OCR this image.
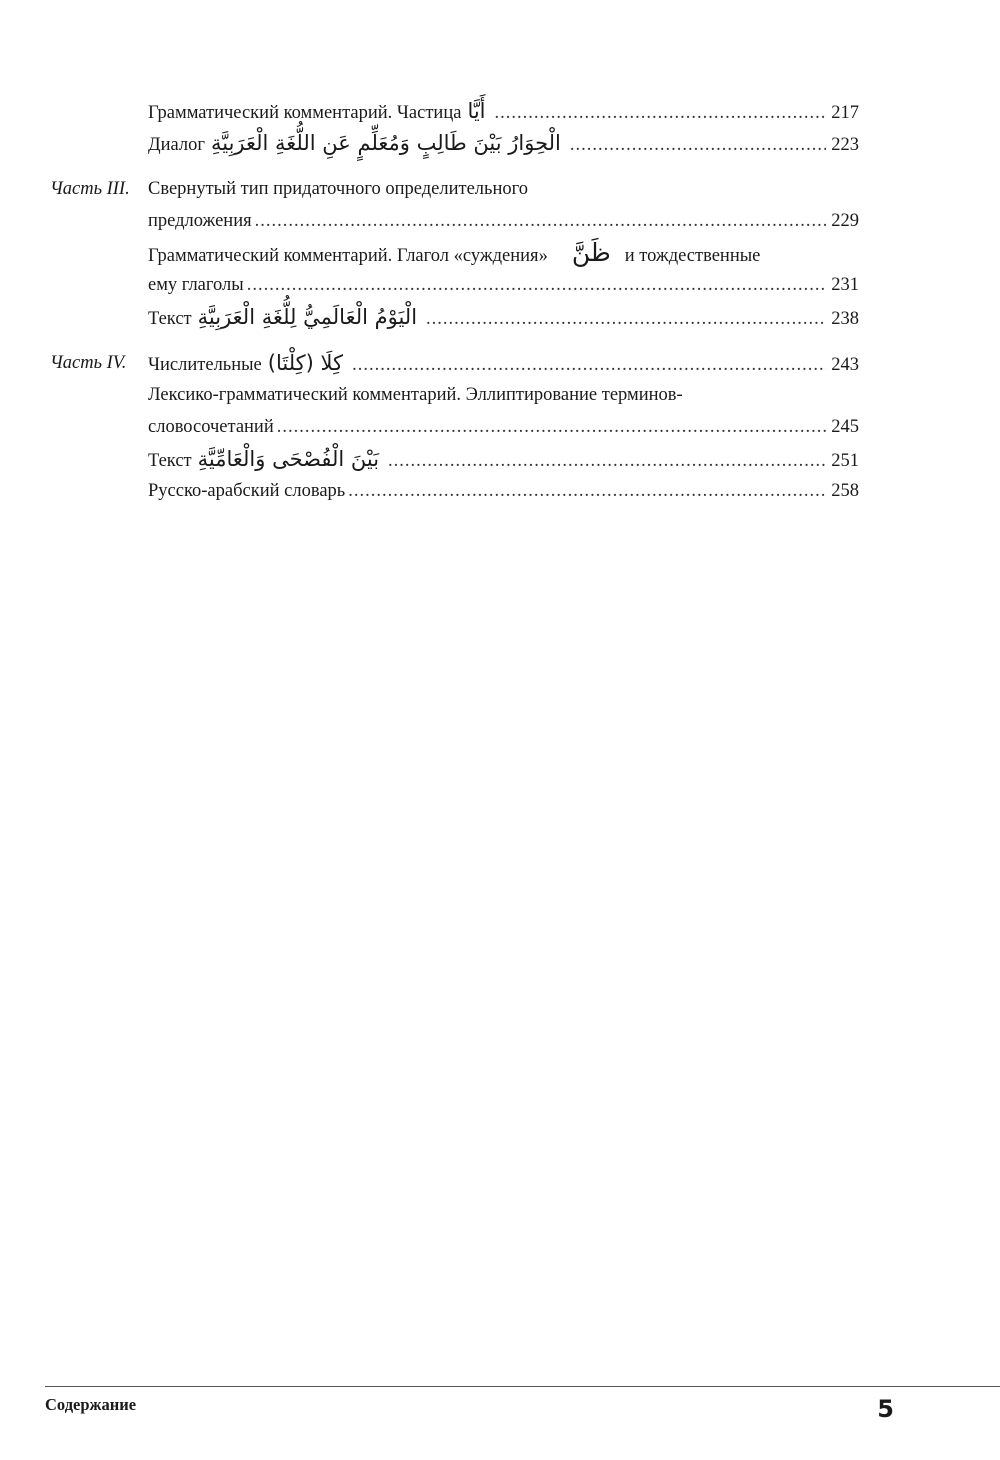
Грамматический комментарий. Частица أَيَّا .....	217
Диалог الْحِوَارُ بَيْنَ طَالِبٍ وَمُعَلِّمٍ عَنِ اللُّغَةِ الْعَرَبِيَّةِ .....	223
Часть III. Свернутый тип придаточного определительного
предложения .....	229
Грамматический комментарий. Глагол «суждения» ظَنَّ и тождественные
ему глаголы .....	231
Текст الْيَوْمُ الْعَالَمِيُّ لِلُّغَةِ الْعَرَبِيَّةِ .....	238
Часть IV. Числительные كِلَا (كِلْتَا) .....	243
Лексико-грамматический комментарий. Эллиптирование терминов-
словосочетаний .....	245
Текст بَيْنَ الْفُصْحَى وَالْعَامِّيَّةِ .....	251
Русско-арабский словарь .....	258
Содержание	5
